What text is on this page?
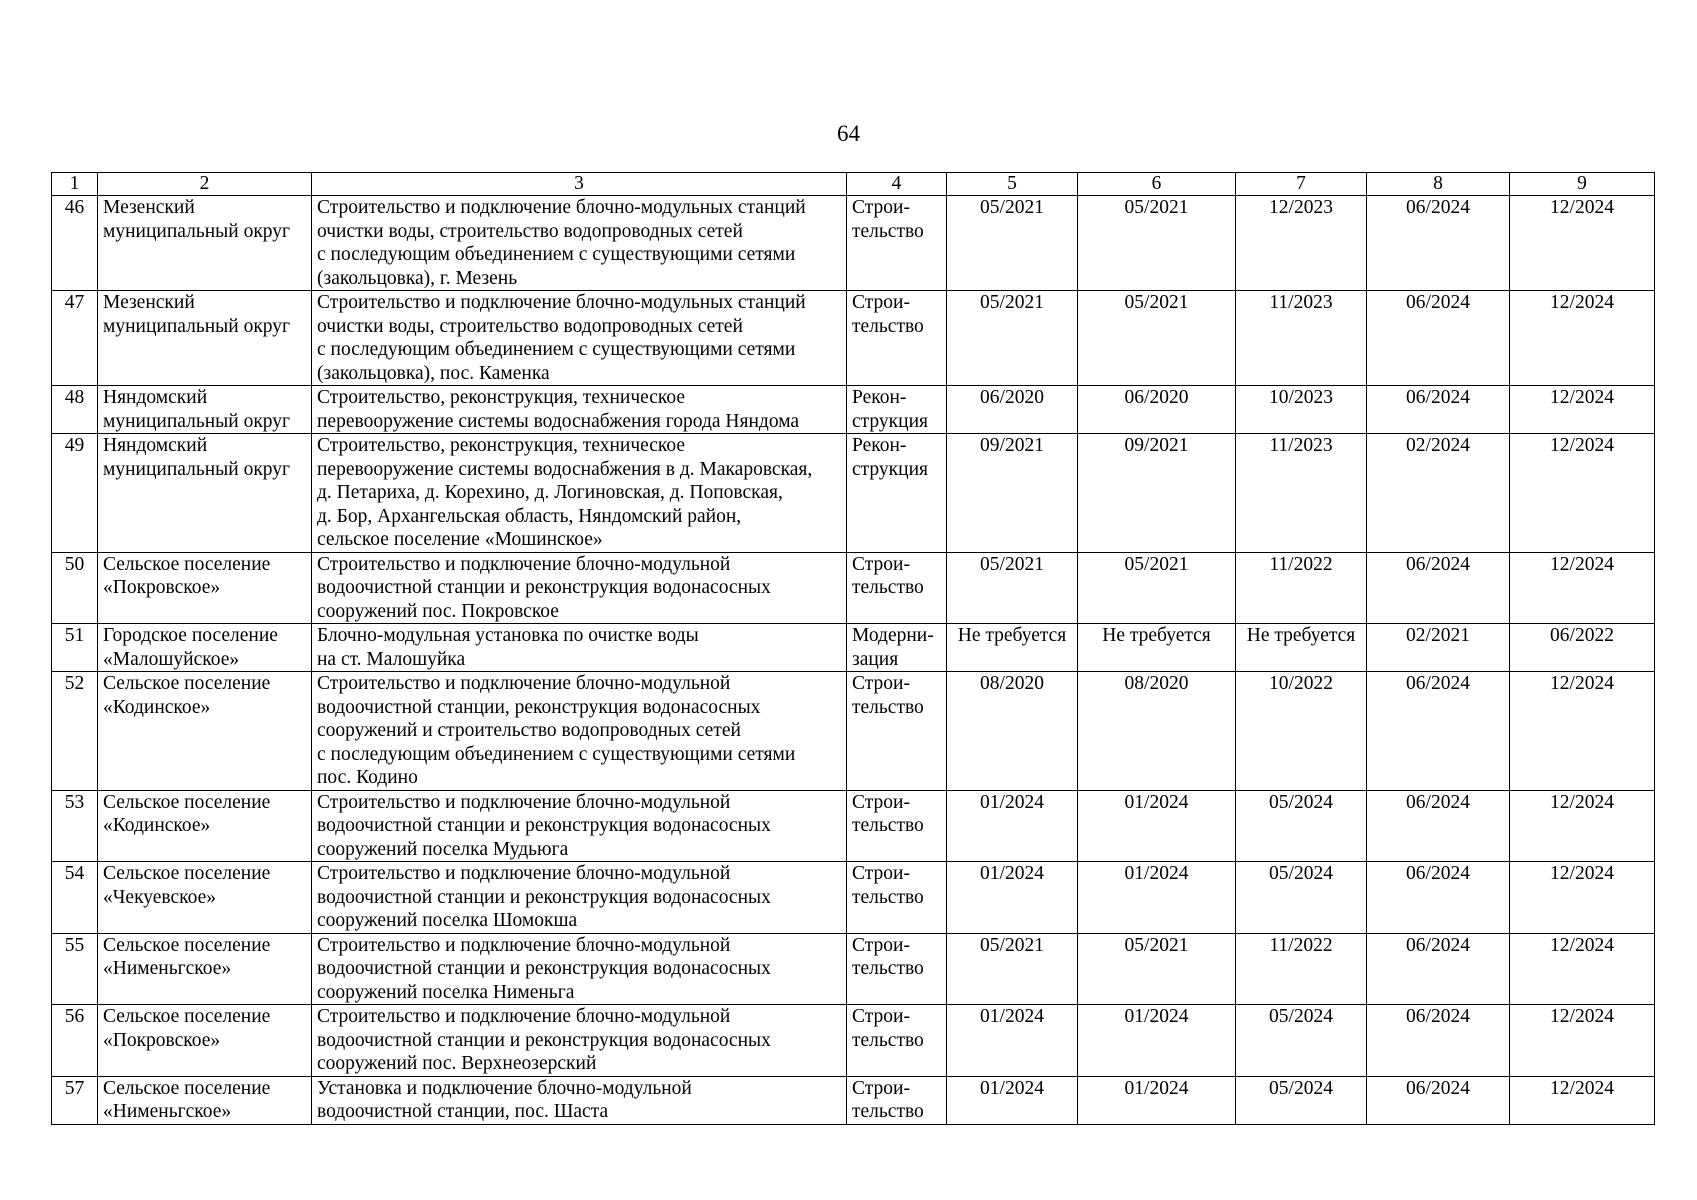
64
1	2	3	4	5	6	7	8	9
46	Мезенский
муниципальный округ	Строительство и подключение блочно-модульных станций
очистки воды, строительство водопроводных сетей
с последующим объединением с существующими сетями
(закольцовка), г. Мезень	Строи-
тельство	05/2021	05/2021	12/2023	06/2024	12/2024
47	Мезенский
муниципальный округ	Строительство и подключение блочно-модульных станций
очистки воды, строительство водопроводных сетей
с последующим объединением с существующими сетями
(закольцовка), пос. Каменка	Строи-
тельство	05/2021	05/2021	11/2023	06/2024	12/2024
48	Няндомский
муниципальный округ	Строительство, реконструкция, техническое
перевооружение системы водоснабжения города Няндома	Рекон-
струкция	06/2020	06/2020	10/2023	06/2024	12/2024
49	Няндомский
муниципальный округ	Строительство, реконструкция, техническое
перевооружение системы водоснабжения в д. Макаровская,
д. Петариха, д. Корехино, д. Логиновская, д. Поповская,
д. Бор, Архангельская область, Няндомский район,
сельское поселение «Мошинское»	Рекон-
струкция	09/2021	09/2021	11/2023	02/2024	12/2024
50	Сельское поселение
«Покровское»	Строительство и подключение блочно-модульной
водоочистной станции и реконструкция водонасосных
сооружений пос. Покровское	Строи-
тельство	05/2021	05/2021	11/2022	06/2024	12/2024
51	Городское поселение
«Малошуйское»	Блочно-модульная установка по очистке воды
на ст. Малошуйка	Модерни-
зация	Не требуется	Не требуется	Не требуется	02/2021	06/2022
52	Сельское поселение
«Кодинское»	Строительство и подключение блочно-модульной
водоочистной станции, реконструкция водонасосных
сооружений и строительство водопроводных сетей
с последующим объединением с существующими сетями
пос. Кодино	Строи-
тельство	08/2020	08/2020	10/2022	06/2024	12/2024
53	Сельское поселение
«Кодинское»	Строительство и подключение блочно-модульной
водоочистной станции и реконструкция водонасосных
сооружений поселка Мудьюга	Строи-
тельство	01/2024	01/2024	05/2024	06/2024	12/2024
54	Сельское поселение
«Чекуевское»	Строительство и подключение блочно-модульной
водоочистной станции и реконструкция водонасосных
сооружений поселка Шомокша	Строи-
тельство	01/2024	01/2024	05/2024	06/2024	12/2024
55	Сельское поселение
«Нименьгское»	Строительство и подключение блочно-модульной
водоочистной станции и реконструкция водонасосных
сооружений поселка Нименьга	Строи-
тельство	05/2021	05/2021	11/2022	06/2024	12/2024
56	Сельское поселение
«Покровское»	Строительство и подключение блочно-модульной
водоочистной станции и реконструкция водонасосных
сооружений пос. Верхнеозерский	Строи-
тельство	01/2024	01/2024	05/2024	06/2024	12/2024
57	Сельское поселение
«Нименьгское»	Установка и подключение блочно-модульной
водоочистной станции, пос. Шаста	Строи-
тельство	01/2024	01/2024	05/2024	06/2024	12/2024
